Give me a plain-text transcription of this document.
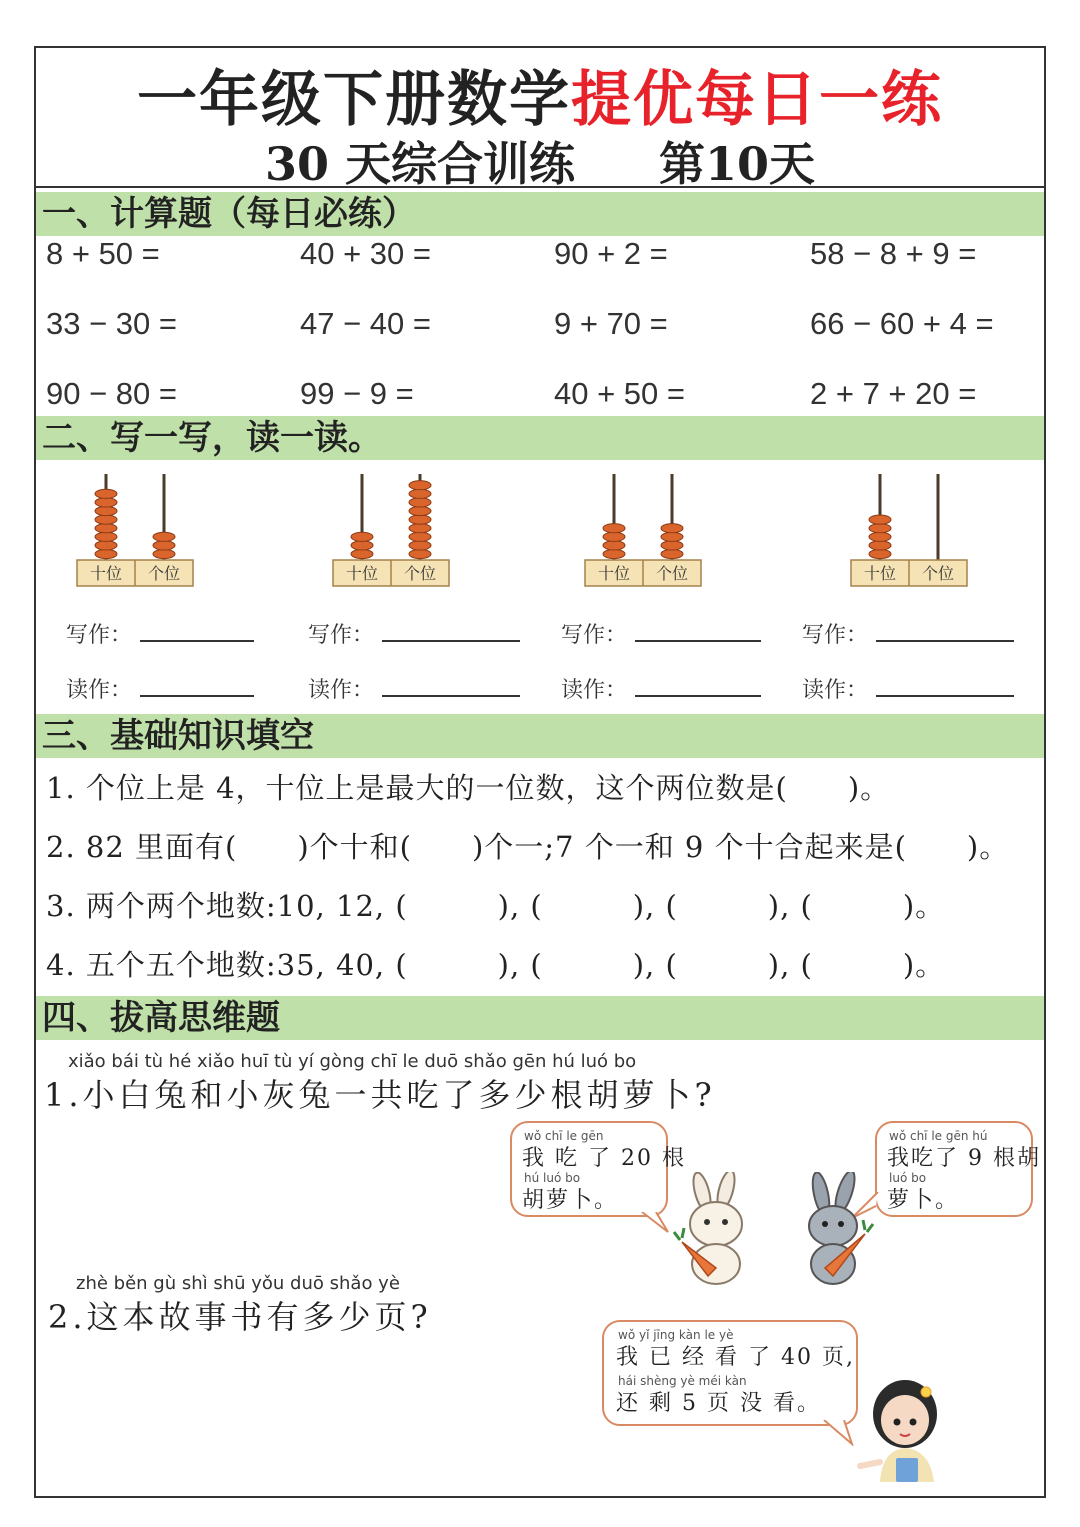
一年级下册数学提优每日一练
30 天综合训练 第10天
一、计算题（每日必练）
8 + 50 =	40 + 30 =	90 + 2 =	58 − 8 + 9 =
33 − 30 =	47 − 40 =	9 + 70 =	66 − 60 + 4 =
90 − 80 =	99 − 9 =	40 + 50 =	2 + 7 + 20 =
二、写一写，读一读。
十位 个位
写作：
读作：
十位 个位
写作：
读作：
十位 个位
写作：
读作：
十位 个位
写作：
读作：
三、基础知识填空
1. 个位上是 4，十位上是最大的一位数，这个两位数是(　　)。
2. 82 里面有(　　)个十和(　　)个一;7 个一和 9 个十合起来是(　　)。
3. 两个两个地数:10, 12, (　　　), (　　　), (　　　), (　　　)。
4. 五个五个地数:35, 40, (　　　), (　　　), (　　　), (　　　)。
四、拔高思维题
xiǎo bái tù hé xiǎo huī tù yí gòng chī le duō shǎo gēn hú luó bo
1.小白兔和小灰兔一共吃了多少根胡萝卜?
wǒ chī le gēn
我 吃 了 20 根
hú luó bo
胡萝卜。
wǒ chī le gēn hú
我吃了 9 根胡
luó bo
萝卜。
zhè běn gù shì shū yǒu duō shǎo yè
2.这本故事书有多少页?	wǒ yǐ jīng kàn le yè
我 已 经 看 了 40 页,
hái shèng yè méi kàn
还 剩 5 页 没 看。
